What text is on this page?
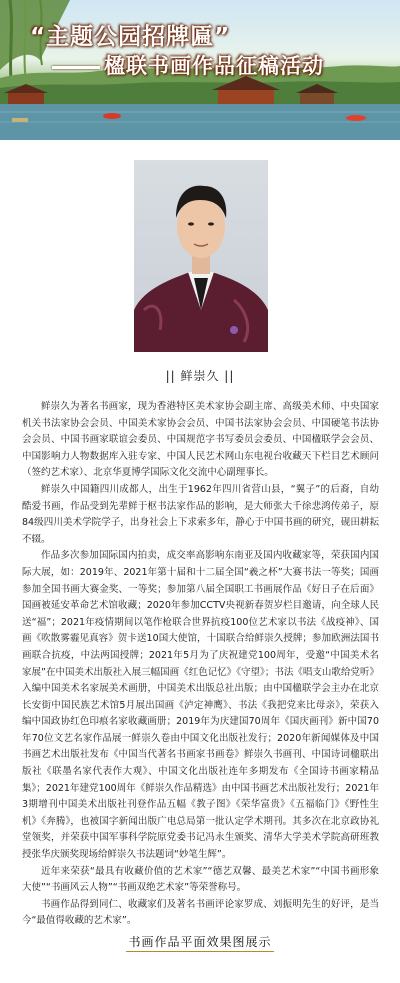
“主题公园招牌匾”
楹联书画作品征稿活动
|| 鲜崇久 ||

鲜崇久为著名书画家，现为香港特区美术家协会副主席、高级美术师、中央国家机关书法家协会会员、中国美术家协会会员、中国书法家协会会员、中国硬笔书法协会会员、中国书画家联谊会委员、中国规范字书写委员会委员、中国楹联学会会员、中国影响力人物数据库入驻专家、中国人民艺术网山东电视台收藏天下栏目艺术顾问（签约艺术家）、北京华夏博学国际文化交流中心副理事长。

鲜崇久中国籍四川成都人，出生于1962年四川省营山县，“翼子”的后裔，自幼酷爱书画，作品受到先辈鲜于枢书法家作品的影响，是大师张大千徐悲鸿传弟子，原84级四川美术学院学子，出身社会上下求索多年，静心于中国书画的研究，砚田耕耘不辍。

作品多次参加国际国内拍卖，成交率高影响东南亚及国内收藏家等，荣获国内国际大展，如：2019年、2021年第十届和十二届全国“羲之杯”大赛书法一等奖；国画参加全国书画大赛金奖、一等奖；参加第八届全国职工书画展作品《好日子在后面》国画被延安革命艺术馆收藏；2020年参加CCTV央视新春贺岁栏目邀请，向全球人民送“福”；2021年疫情期间以笔作枪联合世界抗疫100位艺术家以书法《战疫神》、国画《吹散雾霾见真容》贺卡送10国大使馆，十国联合给鲜崇久授牌；参加欧洲法国书画联合抗疫，中法两国授牌；2021年5月为了庆祝建党100周年，受邀“中国美术名家展”在中国美术出版社入展三幅国画《红色记忆》《守望》；书法《唱支山歌给党听》入编中国美术名家展美术画册，中国美术出版总社出版；由中国楹联学会主办在北京长安街中国民族艺术馆5月展出国画《泸定神鹰》、书法《我把党来比母亲》，荣获入编中国政协红色印痕名家收藏画册；2019年为庆建国70周年《国庆画刊》新中国70年70位文艺名家作品展一鲜崇久卷由中国文化出版社发行；2020年新闻媒体及中国书画艺术出版社发布《中国当代著名书画家书画卷》鲜崇久书画刊、中国诗词楹联出版社《联墨名家代表作大观》、中国文化出版社连年多期发布《全国诗书画家精品集》；2021年建党100周年《鲜崇久作品精选》由中国书画艺术出版社发行；2021年3期增刊中国美术出版社刊登作品五幅《教子图》《荣华富贵》《五福临门》《野性生机》《奔腾》，也被国字新闻出版广电总局第一批认定学术期刊。其多次在北京政协礼堂领奖，并荣获中国军事科学院原党委书记冯永生颁奖、清华大学美术学院高研班教授张华庆颁奖现场给鲜崇久书法题词“妙笔生辉”。

近年来荣获“最具有收藏价值的艺术家”“德艺双馨、最美艺术家”“中国书画形象大使”“书画风云人物”“书画双绝艺术家”等荣誉称号。

书画作品得到同仁、收藏家们及著名书画评论家罗成、刘振明先生的好评，是当今“最值得收藏的艺术家”。

书画作品平面效果图展示
